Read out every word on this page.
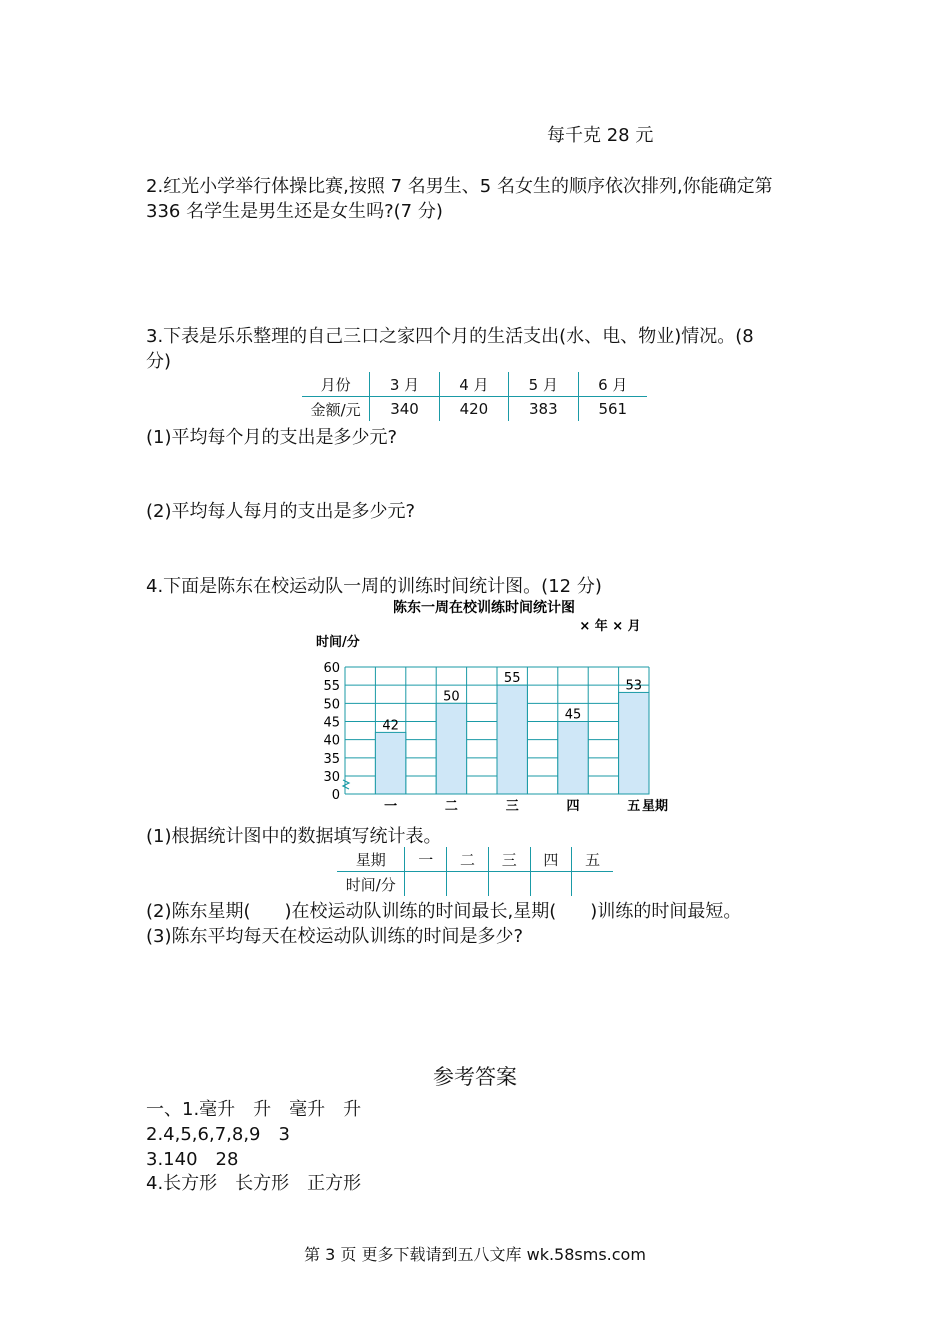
每千克 28 元
2.红光小学举行体操比赛,按照 7 名男生、5 名女生的顺序依次排列,你能确定第
336 名学生是男生还是女生吗?(7 分)
3.下表是乐乐整理的自己三口之家四个月的生活支出(水、电、物业)情况。(8
分)
月份	3 月	4 月	5 月	6 月
金额/元	340	420	383	561
(1)平均每个月的支出是多少元?
(2)平均每人每月的支出是多少元?
4.下面是陈东在校运动队一周的训练时间统计图。(12 分)
陈东一周在校训练时间统计图
× 年 × 月
时间/分
星期
0
30
35
40
45
50
55
60
42
一
50
二
55
三
45
四
53
五
(1)根据统计图中的数据填写统计表。
星期	一	二	三	四	五
时间/分					
(2)陈东星期( )在校运动队训练的时间最长,星期( )训练的时间最短。
(3)陈东平均每天在校运动队训练的时间是多少?
参考答案
一、1.毫升　升　毫升　升
2.4,5,6,7,8,9　3
3.140　28
4.长方形　长方形　正方形
第 3 页 更多下载请到五八文库 wk.58sms.com
